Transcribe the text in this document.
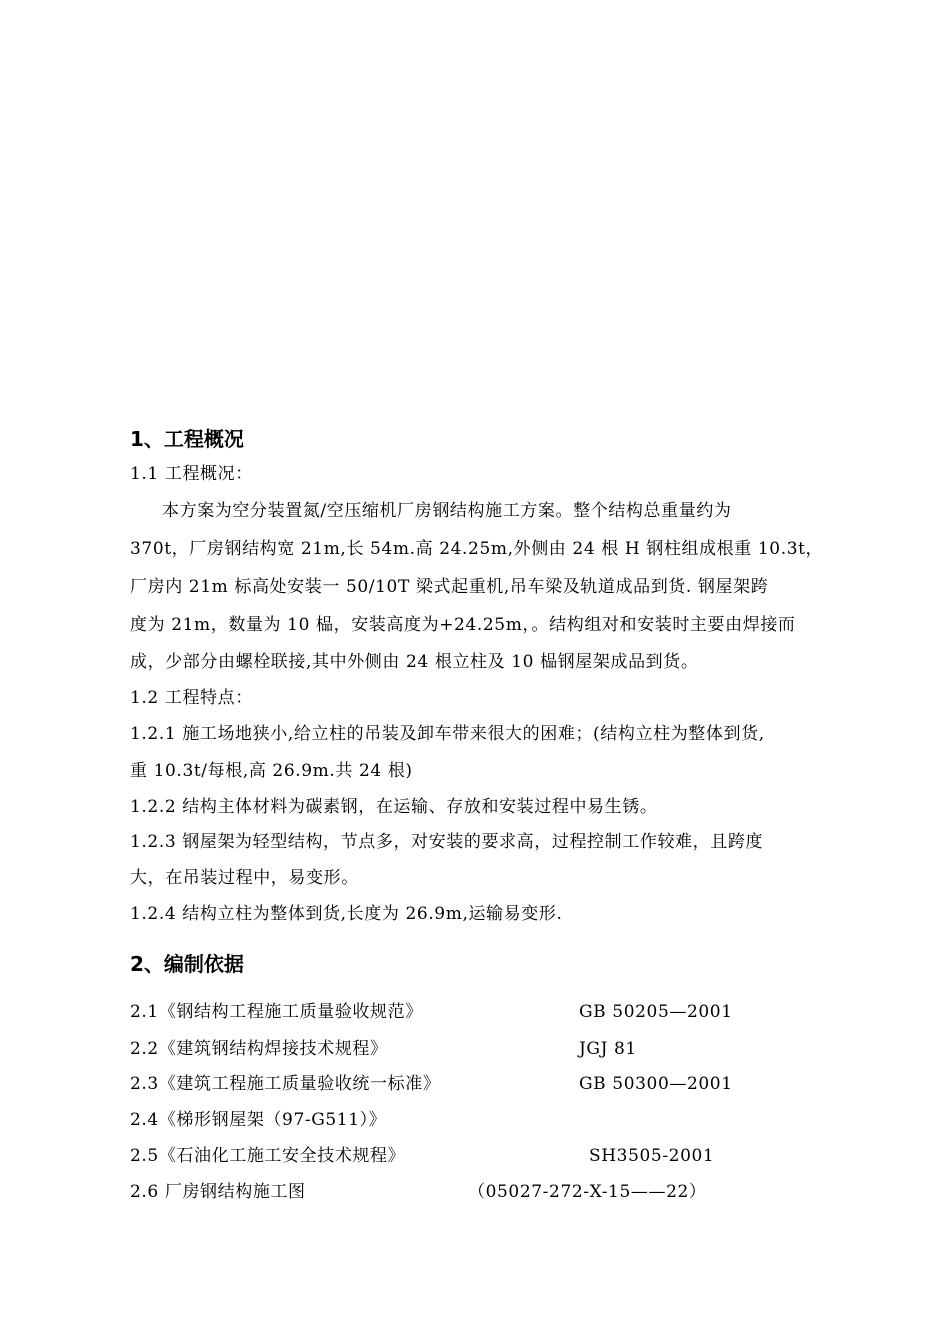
1、工程概况
1.1 工程概况：
本方案为空分装置氮/空压缩机厂房钢结构施工方案。整个结构总重量约为
370t，厂房钢结构宽 21m,长 54m.高 24.25m,外侧由 24 根 H 钢柱组成根重 10.3t，
厂房内 21m 标高处安装一 50/10T 梁式起重机,吊车梁及轨道成品到货. 钢屋架跨
度为 21m，数量为 10 榀，安装高度为+24.25m，。结构组对和安装时主要由焊接而
成，少部分由螺栓联接,其中外侧由 24 根立柱及 10 榀钢屋架成品到货。
1.2 工程特点：
1.2.1 施工场地狭小,给立柱的吊装及卸车带来很大的困难；(结构立柱为整体到货,
重 10.3t/每根,高 26.9m.共 24 根)
1.2.2 结构主体材料为碳素钢，在运输、存放和安装过程中易生锈。
1.2.3 钢屋架为轻型结构，节点多，对安装的要求高，过程控制工作较难，且跨度
大，在吊装过程中，易变形。
1.2.4 结构立柱为整体到货,长度为 26.9m,运输易变形.
2、编制依据
2.1《钢结构工程施工质量验收规范》	GB 50205—2001
2.2《建筑钢结构焊接技术规程》	JGJ 81
2.3《建筑工程施工质量验收统一标准》	GB 50300—2001
2.4《梯形钢屋架（97-G511）》
2.5《石油化工施工安全技术规程》	SH3505-2001
2.6 厂房钢结构施工图	（05027-272-X-15——22）
